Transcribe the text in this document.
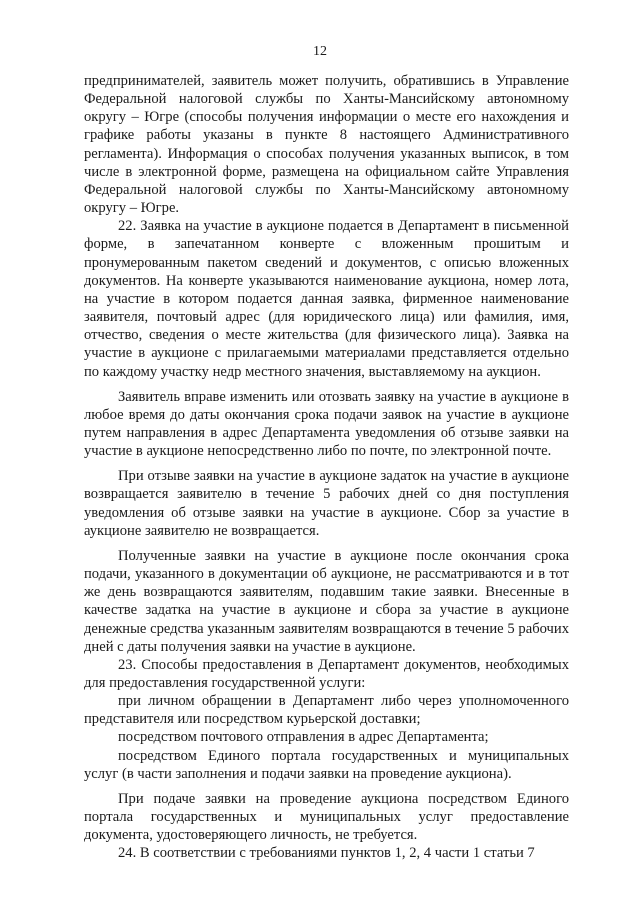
12

предпринимателей, заявитель может получить, обратившись в Управление Федеральной налоговой службы по Ханты-Мансийскому автономному округу – Югре (способы получения информации о месте его нахождения и графике работы указаны в пункте 8 настоящего Административного регламента). Информация о способах получения указанных выписок, в том числе в электронной форме, размещена на официальном сайте Управления Федеральной налоговой службы по Ханты-Мансийскому автономному округу – Югре.

22. Заявка на участие в аукционе подается в Департамент в письменной форме, в запечатанном конверте с вложенным прошитым и пронумерованным пакетом сведений и документов, с описью вложенных документов. На конверте указываются наименование аукциона, номер лота, на участие в котором подается данная заявка, фирменное наименование заявителя, почтовый адрес (для юридического лица) или фамилия, имя, отчество, сведения о месте жительства (для физического лица). Заявка на участие в аукционе с прилагаемыми материалами представляется отдельно по каждому участку недр местного значения, выставляемому на аукцион.

Заявитель вправе изменить или отозвать заявку на участие в аукционе в любое время до даты окончания срока подачи заявок на участие в аукционе путем направления в адрес Департамента уведомления об отзыве заявки на участие в аукционе непосредственно либо по почте, по электронной почте.

При отзыве заявки на участие в аукционе задаток на участие в аукционе возвращается заявителю в течение 5 рабочих дней со дня поступления уведомления об отзыве заявки на участие в аукционе. Сбор за участие в аукционе заявителю не возвращается.

Полученные заявки на участие в аукционе после окончания срока подачи, указанного в документации об аукционе, не рассматриваются и в тот же день возвращаются заявителям, подавшим такие заявки. Внесенные в качестве задатка на участие в аукционе и сбора за участие в аукционе денежные средства указанным заявителям возвращаются в течение 5 рабочих дней с даты получения заявки на участие в аукционе.

23. Способы предоставления в Департамент документов, необходимых для предоставления государственной услуги:

при личном обращении в Департамент либо через уполномоченного представителя или посредством курьерской доставки;

посредством почтового отправления в адрес Департамента;

посредством Единого портала государственных и муниципальных услуг (в части заполнения и подачи заявки на проведение аукциона).

При подаче заявки на проведение аукциона посредством Единого портала государственных и муниципальных услуг предоставление документа, удостоверяющего личность, не требуется.

24. В соответствии с требованиями пунктов 1, 2, 4 части 1 статьи 7
